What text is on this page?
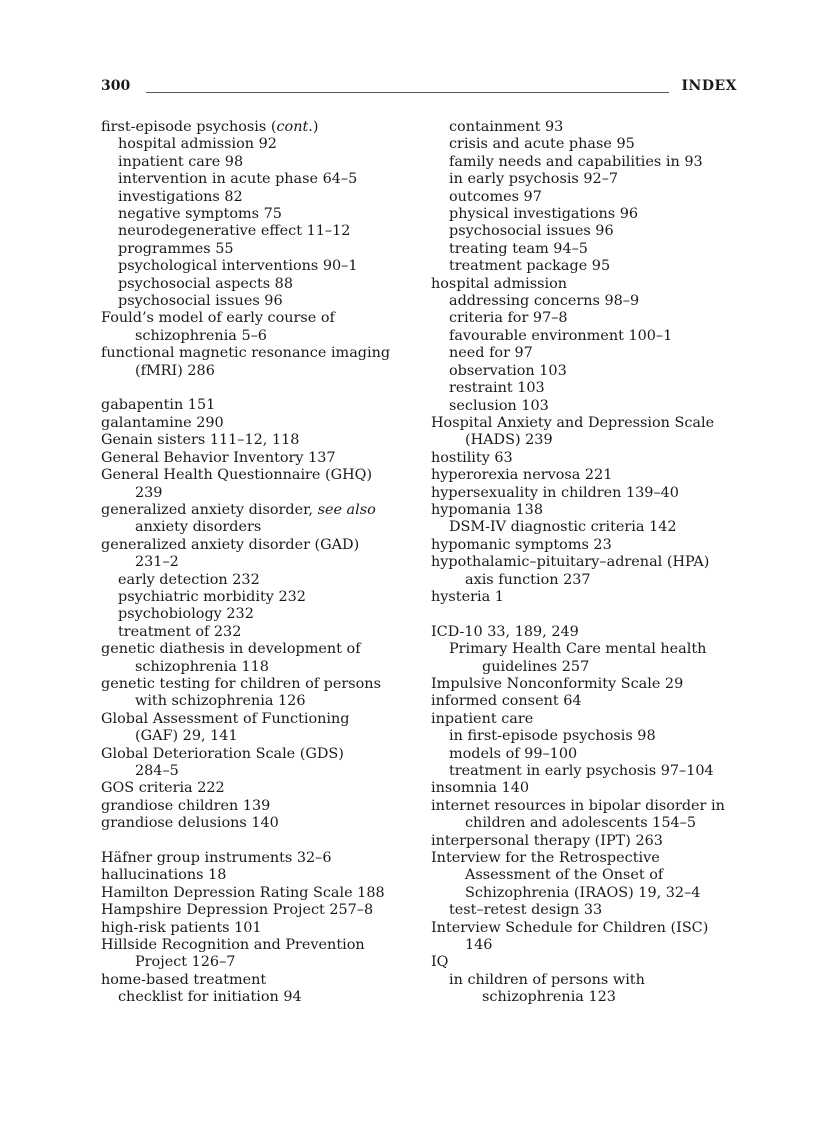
300	INDEX
first-episode psychosis (cont.)
hospital admission 92
inpatient care 98
intervention in acute phase 64–5
investigations 82
negative symptoms 75
neurodegenerative effect 11–12
programmes 55
psychological interventions 90–1
psychosocial aspects 88
psychosocial issues 96
Fould’s model of early course of
schizophrenia 5–6
functional magnetic resonance imaging
(fMRI) 286
gabapentin 151
galantamine 290
Genain sisters 111–12, 118
General Behavior Inventory 137
General Health Questionnaire (GHQ)
239
generalized anxiety disorder, see also
anxiety disorders
generalized anxiety disorder (GAD)
231–2
early detection 232
psychiatric morbidity 232
psychobiology 232
treatment of 232
genetic diathesis in development of
schizophrenia 118
genetic testing for children of persons
with schizophrenia 126
Global Assessment of Functioning
(GAF) 29, 141
Global Deterioration Scale (GDS)
284–5
GOS criteria 222
grandiose children 139
grandiose delusions 140
Häfner group instruments 32–6
hallucinations 18
Hamilton Depression Rating Scale 188
Hampshire Depression Project 257–8
high-risk patients 101
Hillside Recognition and Prevention
Project 126–7
home-based treatment
checklist for initiation 94
containment 93
crisis and acute phase 95
family needs and capabilities in 93
in early psychosis 92–7
outcomes 97
physical investigations 96
psychosocial issues 96
treating team 94–5
treatment package 95
hospital admission
addressing concerns 98–9
criteria for 97–8
favourable environment 100–1
need for 97
observation 103
restraint 103
seclusion 103
Hospital Anxiety and Depression Scale
(HADS) 239
hostility 63
hyperorexia nervosa 221
hypersexuality in children 139–40
hypomania 138
DSM-IV diagnostic criteria 142
hypomanic symptoms 23
hypothalamic–pituitary–adrenal (HPA)
axis function 237
hysteria 1
ICD-10 33, 189, 249
Primary Health Care mental health
guidelines 257
Impulsive Nonconformity Scale 29
informed consent 64
inpatient care
in first-episode psychosis 98
models of 99–100
treatment in early psychosis 97–104
insomnia 140
internet resources in bipolar disorder in
children and adolescents 154–5
interpersonal therapy (IPT) 263
Interview for the Retrospective
Assessment of the Onset of
Schizophrenia (IRAOS) 19, 32–4
test–retest design 33
Interview Schedule for Children (ISC)
146
IQ
in children of persons with
schizophrenia 123
